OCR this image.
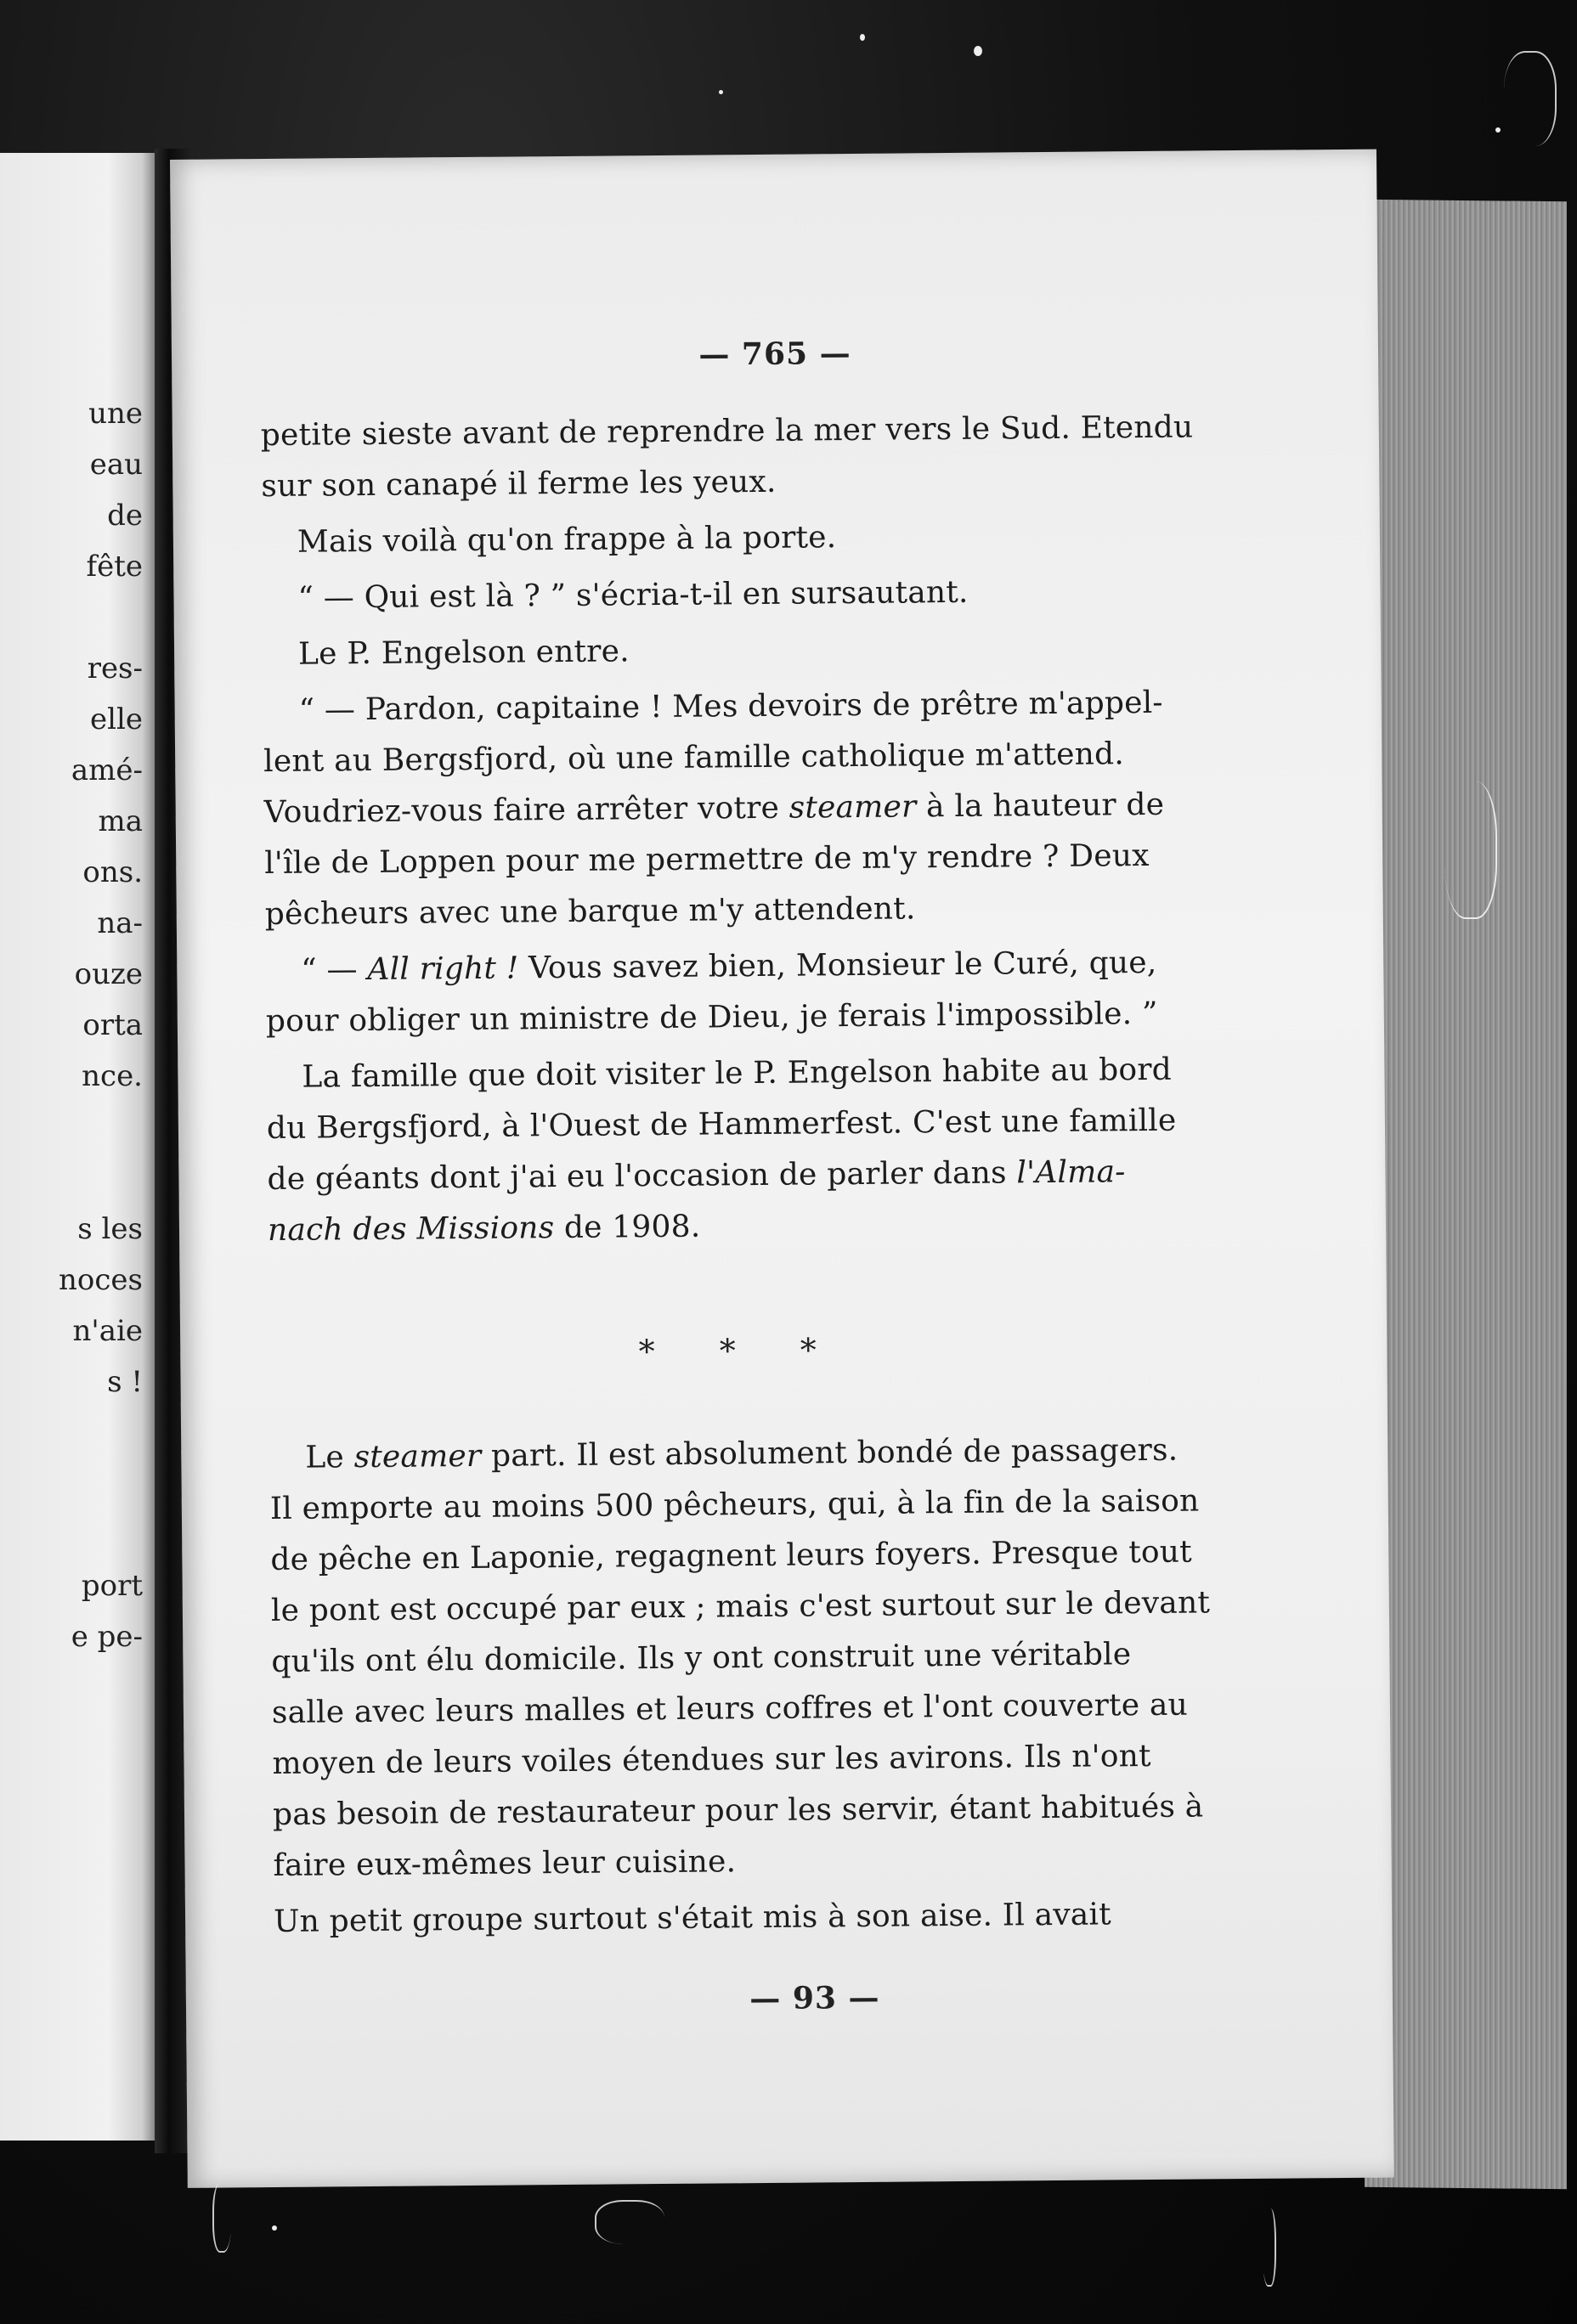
une
eau
de
fête
res-
elle
amé-
ma
ons.
na-
ouze
orta
nce.
s les
noces
n'aie
s !
port
e pe-
— 765 —
petite sieste avant de reprendre la mer vers le Sud. Etendu
sur son canapé il ferme les yeux.
Mais voilà qu'on frappe à la porte.
“ — Qui est là ? ” s'écria-t-il en sursautant.
Le P. Engelson entre.
“ — Pardon, capitaine ! Mes devoirs de prêtre m'appel-
lent au Bergsfjord, où une famille catholique m'attend.
Voudriez-vous faire arrêter votre steamer à la hauteur de
l'île de Loppen pour me permettre de m'y rendre ? Deux
pêcheurs avec une barque m'y attendent.
“ — All right ! Vous savez bien, Monsieur le Curé, que,
pour obliger un ministre de Dieu, je ferais l'impossible. ”
La famille que doit visiter le P. Engelson habite au bord
du Bergsfjord, à l'Ouest de Hammerfest. C'est une famille
de géants dont j'ai eu l'occasion de parler dans l'Alma-
nach des Missions de 1908.
* * *
Le steamer part. Il est absolument bondé de passagers.
Il emporte au moins 500 pêcheurs, qui, à la fin de la saison
de pêche en Laponie, regagnent leurs foyers. Presque tout
le pont est occupé par eux ; mais c'est surtout sur le devant
qu'ils ont élu domicile. Ils y ont construit une véritable
salle avec leurs malles et leurs coffres et l'ont couverte au
moyen de leurs voiles étendues sur les avirons. Ils n'ont
pas besoin de restaurateur pour les servir, étant habitués à
faire eux-mêmes leur cuisine.
Un petit groupe surtout s'était mis à son aise. Il avait
— 93 —
